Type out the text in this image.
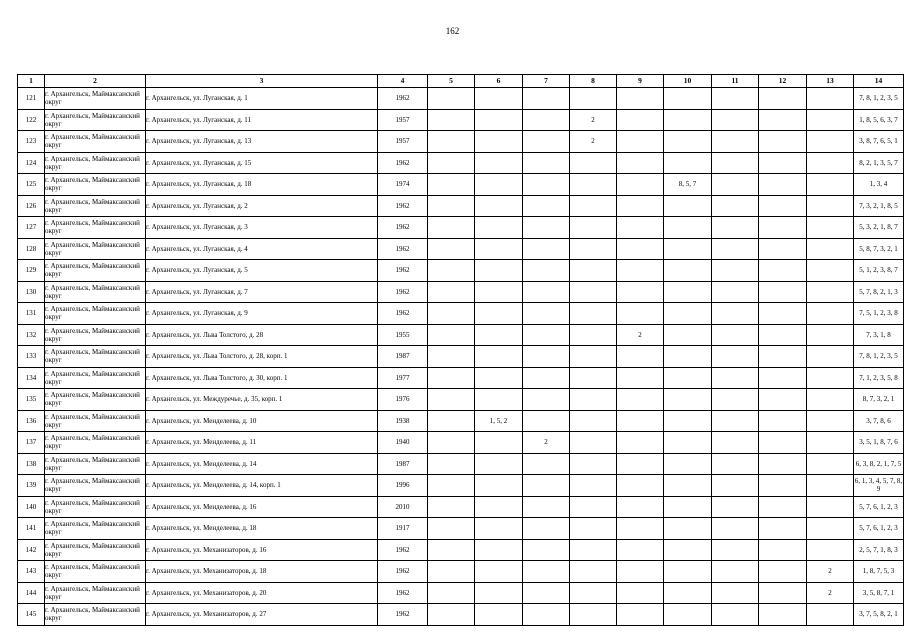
162
1	2	3	4	5	6	7	8	9	10	11	12	13	14
121	г. Архангельск, Маймаксанский округ	г. Архангельск, ул. Луганская, д. 1	1962										7, 8, 1, 2, 3, 5
122	г. Архангельск, Маймаксанский округ	г. Архангельск, ул. Луганская, д. 11	1957				2						1, 8, 5, 6, 3, 7
123	г. Архангельск, Маймаксанский округ	г. Архангельск, ул. Луганская, д. 13	1957				2						3, 8, 7, 6, 5, 1
124	г. Архангельск, Маймаксанский округ	г. Архангельск, ул. Луганская, д. 15	1962										8, 2, 1, 3, 5, 7
125	г. Архангельск, Маймаксанский округ	г. Архангельск, ул. Луганская, д. 18	1974						8, 5, 7				1, 3, 4
126	г. Архангельск, Маймаксанский округ	г. Архангельск, ул. Луганская, д. 2	1962										7, 3, 2, 1, 8, 5
127	г. Архангельск, Маймаксанский округ	г. Архангельск, ул. Луганская, д. 3	1962										5, 3, 2, 1, 8, 7
128	г. Архангельск, Маймаксанский округ	г. Архангельск, ул. Луганская, д. 4	1962										5, 8, 7, 3, 2, 1
129	г. Архангельск, Маймаксанский округ	г. Архангельск, ул. Луганская, д. 5	1962										5, 1, 2, 3, 8, 7
130	г. Архангельск, Маймаксанский округ	г. Архангельск, ул. Луганская, д. 7	1962										5, 7, 8, 2, 1, 3
131	г. Архангельск, Маймаксанский округ	г. Архангельск, ул. Луганская, д. 9	1962										7, 5, 1, 2, 3, 8
132	г. Архангельск, Маймаксанский округ	г. Архангельск, ул. Льва Толстого, д. 28	1955					2					7, 3, 1, 8
133	г. Архангельск, Маймаксанский округ	г. Архангельск, ул. Льва Толстого, д. 28, корп. 1	1987										7, 8, 1, 2, 3, 5
134	г. Архангельск, Маймаксанский округ	г. Архангельск, ул. Льва Толстого, д. 30, корп. 1	1977										7, 1, 2, 3, 5, 8
135	г. Архангельск, Маймаксанский округ	г. Архангельск, ул. Междуречье, д. 35, корп. 1	1976										8, 7, 3, 2, 1
136	г. Архангельск, Маймаксанский округ	г. Архангельск, ул. Менделеева, д. 10	1938		1, 5, 2								3, 7, 8, 6
137	г. Архангельск, Маймаксанский округ	г. Архангельск, ул. Менделеева, д. 11	1940			2							3, 5, 1, 8, 7, 6
138	г. Архангельск, Маймаксанский округ	г. Архангельск, ул. Менделеева, д. 14	1987										6, 3, 8, 2, 1, 7, 5
139	г. Архангельск, Маймаксанский округ	г. Архангельск, ул. Менделеева, д. 14, корп. 1	1996										6, 1, 3, 4, 5, 7, 8, 9
140	г. Архангельск, Маймаксанский округ	г. Архангельск, ул. Менделеева, д. 16	2010										5, 7, 6, 1, 2, 3
141	г. Архангельск, Маймаксанский округ	г. Архангельск, ул. Менделеева, д. 18	1917										5, 7, 6, 1, 2, 3
142	г. Архангельск, Маймаксанский округ	г. Архангельск, ул. Механизаторов, д. 16	1962										2, 5, 7, 1, 8, 3
143	г. Архангельск, Маймаксанский округ	г. Архангельск, ул. Механизаторов, д. 18	1962									2	1, 8, 7, 5, 3
144	г. Архангельск, Маймаксанский округ	г. Архангельск, ул. Механизаторов, д. 20	1962									2	3, 5, 8, 7, 1
145	г. Архангельск, Маймаксанский округ	г. Архангельск, ул. Механизаторов, д. 27	1962										3, 7, 5, 8, 2, 1
